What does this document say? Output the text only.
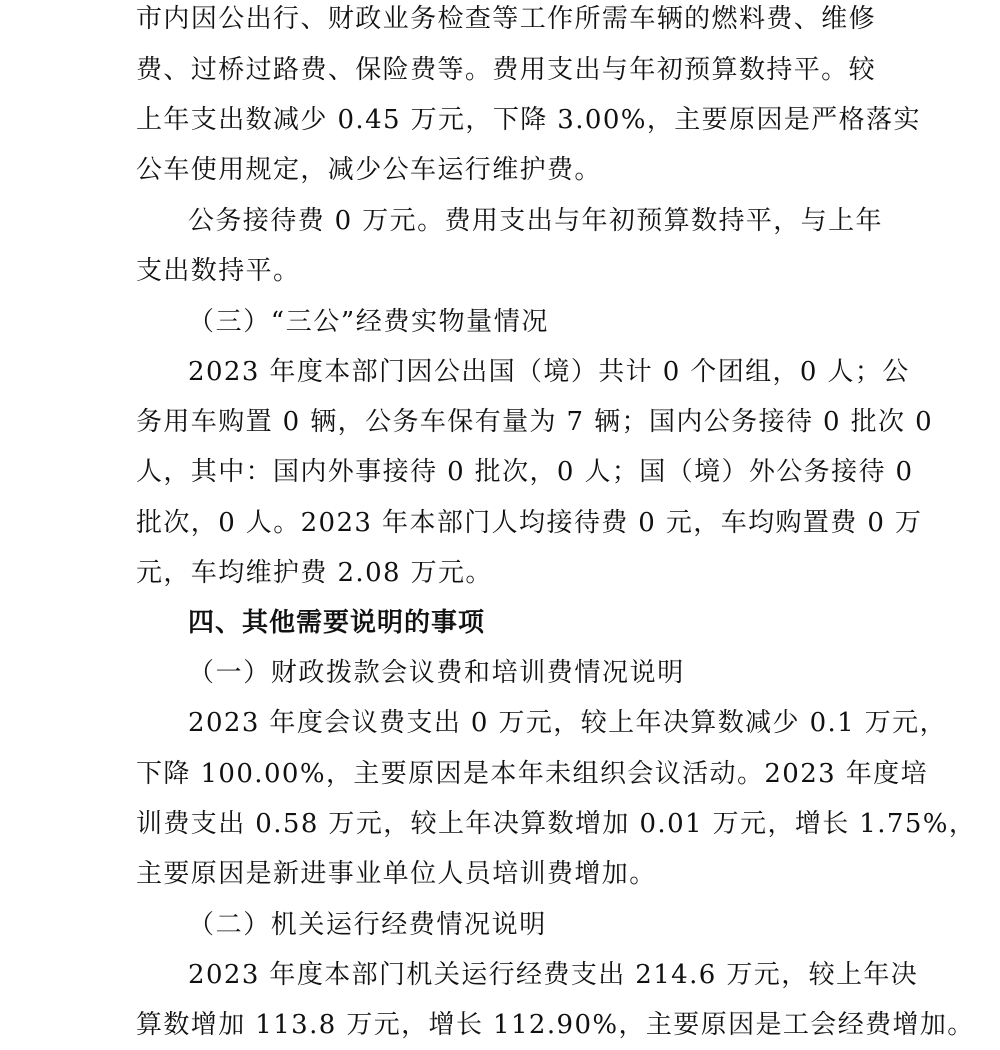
市内因公出行、财政业务检查等工作所需车辆的燃料费、维修
费、过桥过路费、保险费等。费用支出与年初预算数持平。较
上年支出数减少 0.45 万元，下降 3.00%，主要原因是严格落实
公车使用规定，减少公车运行维护费。
公务接待费 0 万元。费用支出与年初预算数持平，与上年
支出数持平。
（三）“三公”经费实物量情况
2023 年度本部门因公出国（境）共计 0 个团组，0 人；公
务用车购置 0 辆，公务车保有量为 7 辆；国内公务接待 0 批次 0
人，其中：国内外事接待 0 批次，0 人；国（境）外公务接待 0
批次，0 人。2023 年本部门人均接待费 0 元，车均购置费 0 万
元，车均维护费 2.08 万元。
四、其他需要说明的事项
（一）财政拨款会议费和培训费情况说明
2023 年度会议费支出 0 万元，较上年决算数减少 0.1 万元，
下降 100.00%，主要原因是本年未组织会议活动。2023 年度培
训费支出 0.58 万元，较上年决算数增加 0.01 万元，增长 1.75%，
主要原因是新进事业单位人员培训费增加。
（二）机关运行经费情况说明
2023 年度本部门机关运行经费支出 214.6 万元，较上年决
算数增加 113.8 万元，增长 112.90%，主要原因是工会经费增加。
